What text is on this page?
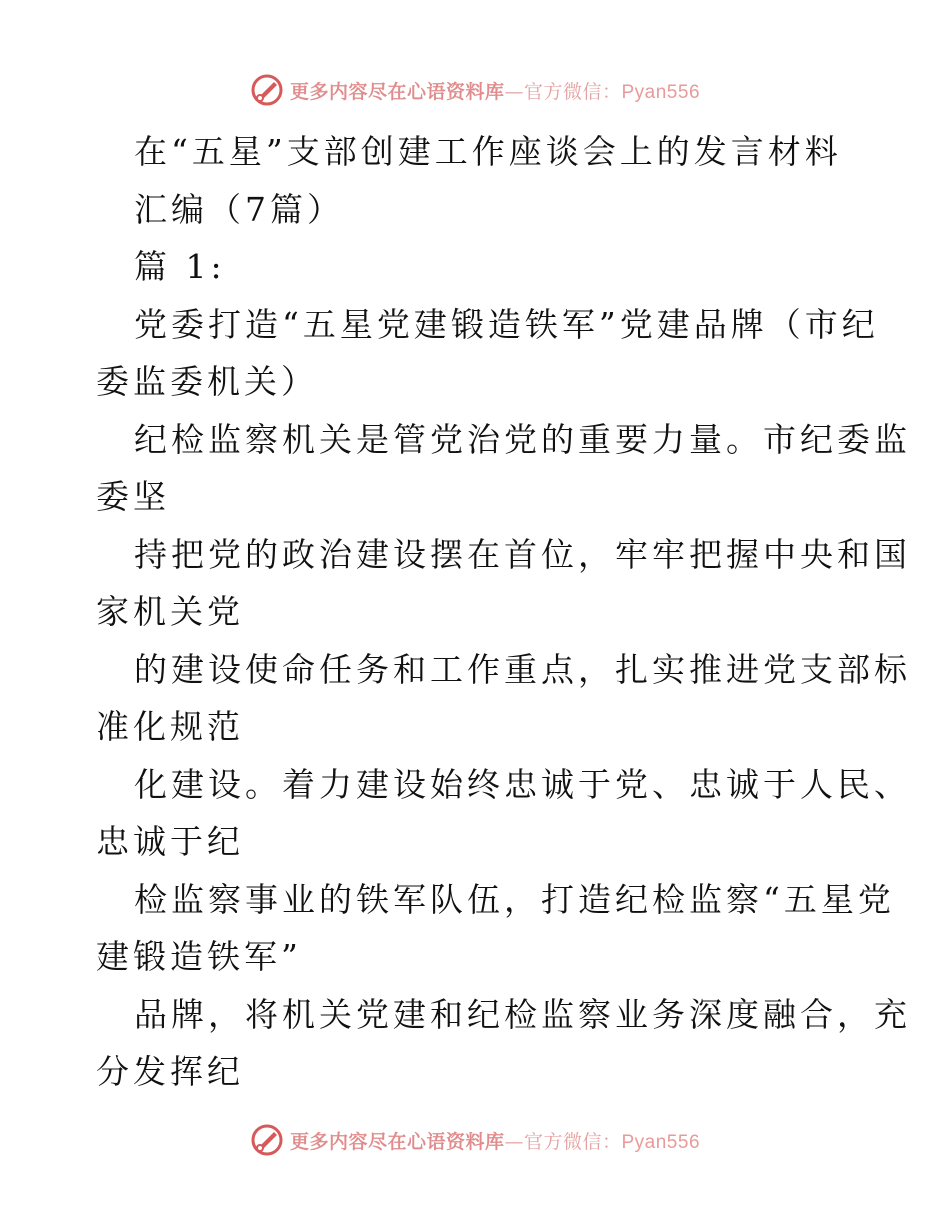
更多内容尽在心语资料库—官方微信：Pyan556
在“五星”支部创建工作座谈会上的发言材料
汇编（7篇）
篇 1:
党委打造“五星党建锻造铁军”党建品牌（市纪
委监委机关）
纪检监察机关是管党治党的重要力量。市纪委监
委坚
持把党的政治建设摆在首位，牢牢把握中央和国
家机关党
的建设使命任务和工作重点，扎实推进党支部标
准化规范
化建设。着力建设始终忠诚于党、忠诚于人民、
忠诚于纪
检监察事业的铁军队伍，打造纪检监察“五星党
建锻造铁军”
品牌，将机关党建和纪检监察业务深度融合，充
分发挥纪
更多内容尽在心语资料库—官方微信：Pyan556
